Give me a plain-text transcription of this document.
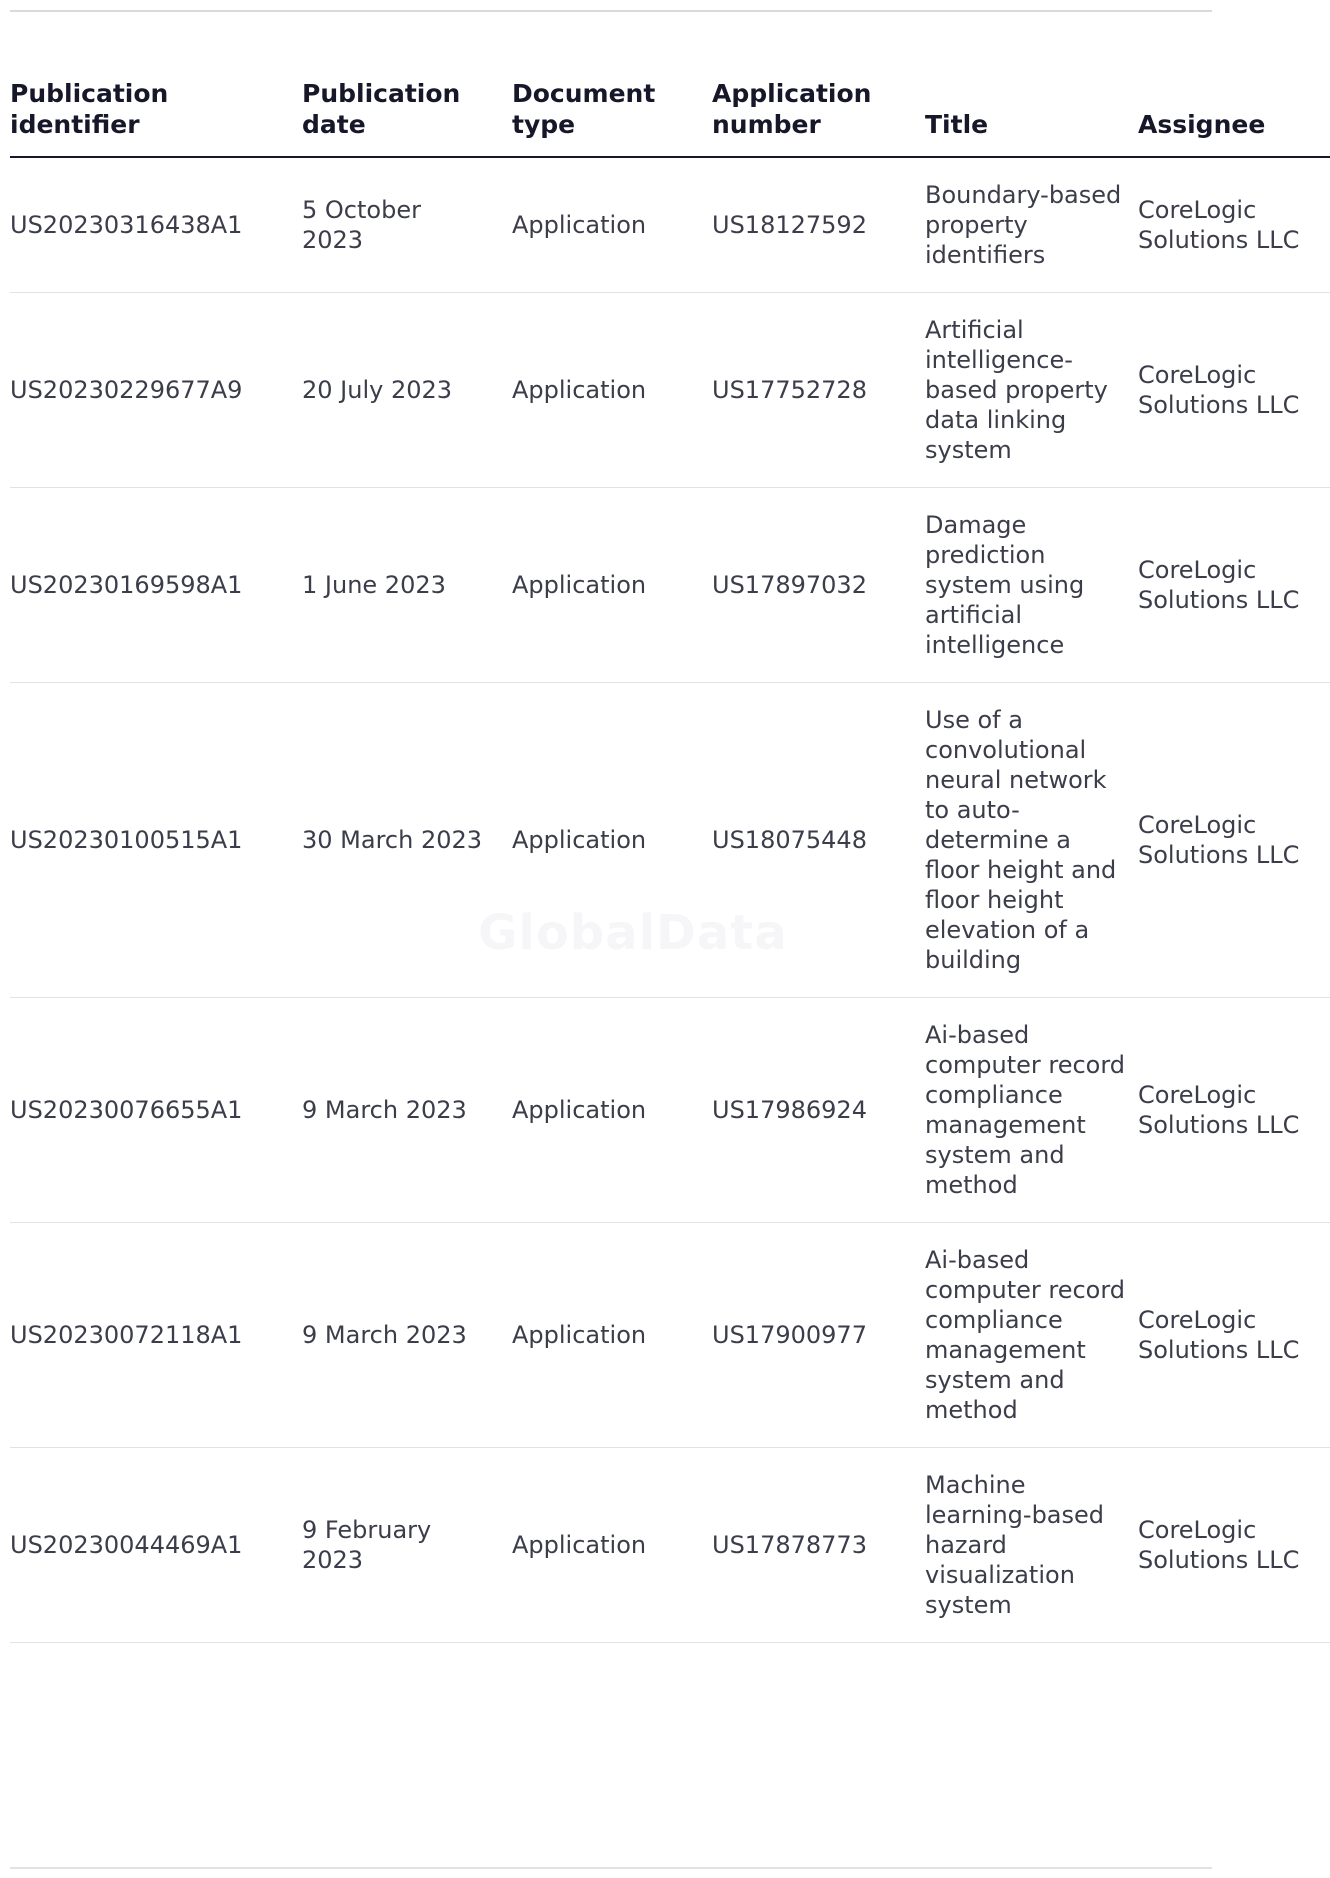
Publication identifier	Publication date	Document type	Application number	Title	Assignee
US20230316438A1	5 October 2023	Application	US18127592	Boundary-based property identifiers	CoreLogic Solutions LLC
US20230229677A9	20 July 2023	Application	US17752728	Artificial intelligence-based property data linking system	CoreLogic Solutions LLC
US20230169598A1	1 June 2023	Application	US17897032	Damage prediction system using artificial intelligence	CoreLogic Solutions LLC
US20230100515A1	30 March 2023	Application	US18075448	Use of a convolutional neural network to auto-determine a floor height and floor height elevation of a building	CoreLogic Solutions LLC
US20230076655A1	9 March 2023	Application	US17986924	Ai-based computer record compliance management system and method	CoreLogic Solutions LLC
US20230072118A1	9 March 2023	Application	US17900977	Ai-based computer record compliance management system and method	CoreLogic Solutions LLC
US20230044469A1	9 February 2023	Application	US17878773	Machine learning-based hazard visualization system	CoreLogic Solutions LLC
GlobalData
